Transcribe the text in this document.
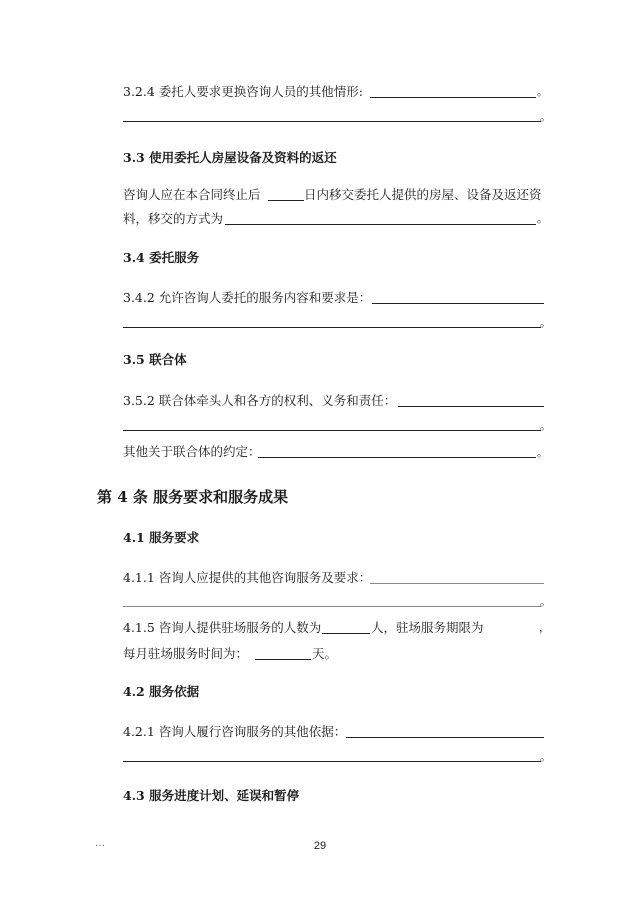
3.2.4 委托人要求更换咨询人员的其他情形:	。
。
3.3 使用委托人房屋设备及资料的返还
咨询人应在本合同终止后	日内移交委托人提供的房屋、设备及返还资
料，移交的方式为	。
3.4 委托服务
3.4.2 允许咨询人委托的服务内容和要求是：
。
3.5 联合体
3.5.2 联合体牵头人和各方的权利、义务和责任：
。
其他关于联合体的约定：	。
第 4 条 服务要求和服务成果
4.1 服务要求
4.1.1 咨询人应提供的其他咨询服务及要求：
。
4.1.5 咨询人提供驻场服务的人数为	人，驻场服务期限为	，
每月驻场服务时间为：	天。
4.2 服务依据
4.2.1 咨询人履行咨询服务的其他依据：
。
4.3 服务进度计划、延误和暂停
…	29
